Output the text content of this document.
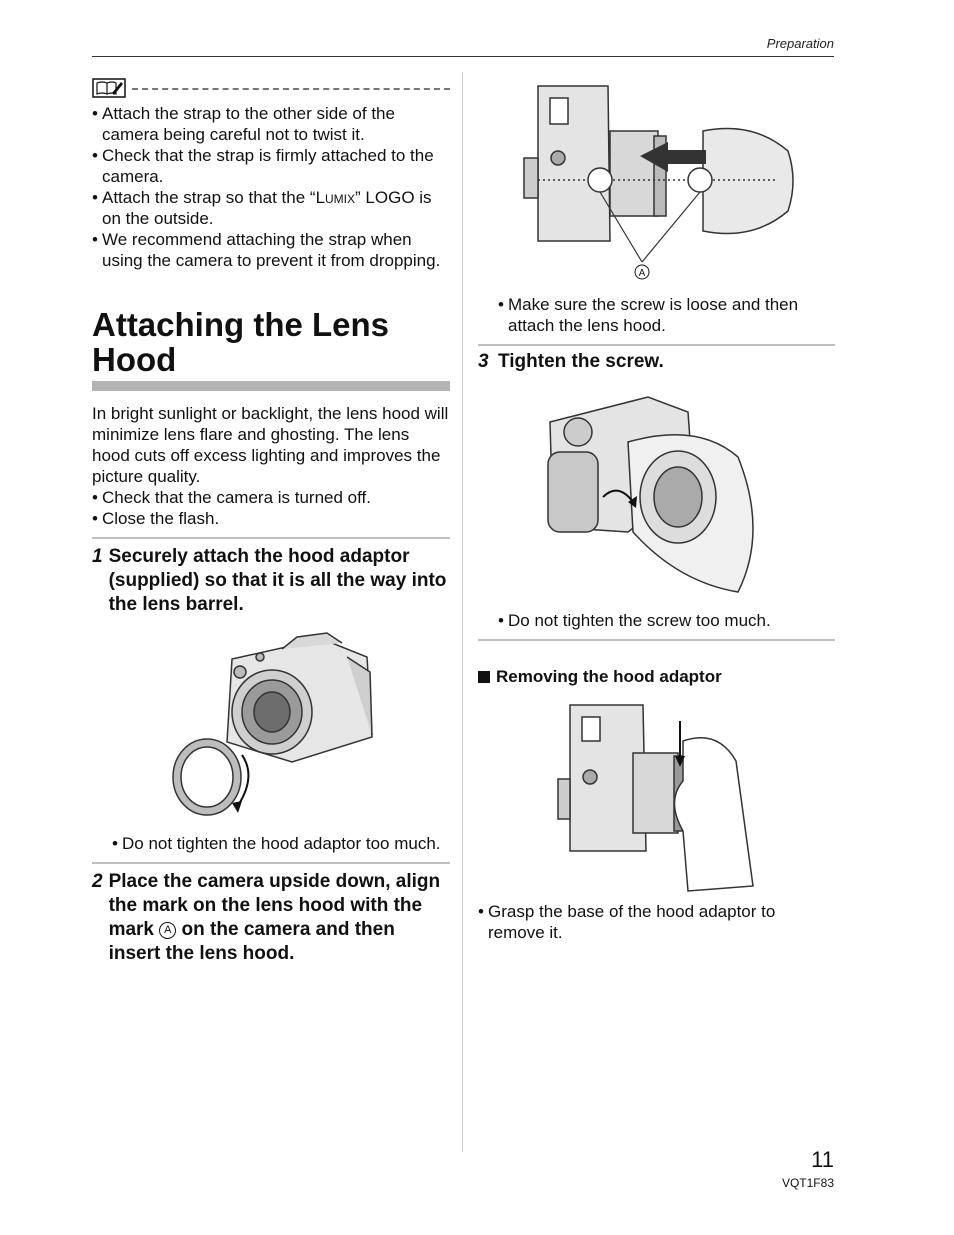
Preparation
• Attach the strap to the other side of the camera being careful not to twist it.
• Check that the strap is firmly attached to the camera.
• Attach the strap so that the “Lumix” LOGO is on the outside.
• We recommend attaching the strap when using the camera to prevent it from dropping.
Attaching the Lens Hood

In bright sunlight or backlight, the lens hood will minimize lens flare and ghosting. The lens hood cuts off excess lighting and improves the picture quality.

• Check that the camera is turned off.
• Close the flash.
1 Securely attach the hood adaptor (supplied) so that it is all the way into the lens barrel.
• Do not tighten the hood adaptor too much.
2 Place the camera upside down, align the mark on the lens hood with the mark A on the camera and then insert the lens hood.
A
• Make sure the screw is loose and then attach the lens hood.
3 Tighten the screw.
• Do not tighten the screw too much.
Removing the hood adaptor
• Grasp the base of the hood adaptor to remove it.
11
VQT1F83
